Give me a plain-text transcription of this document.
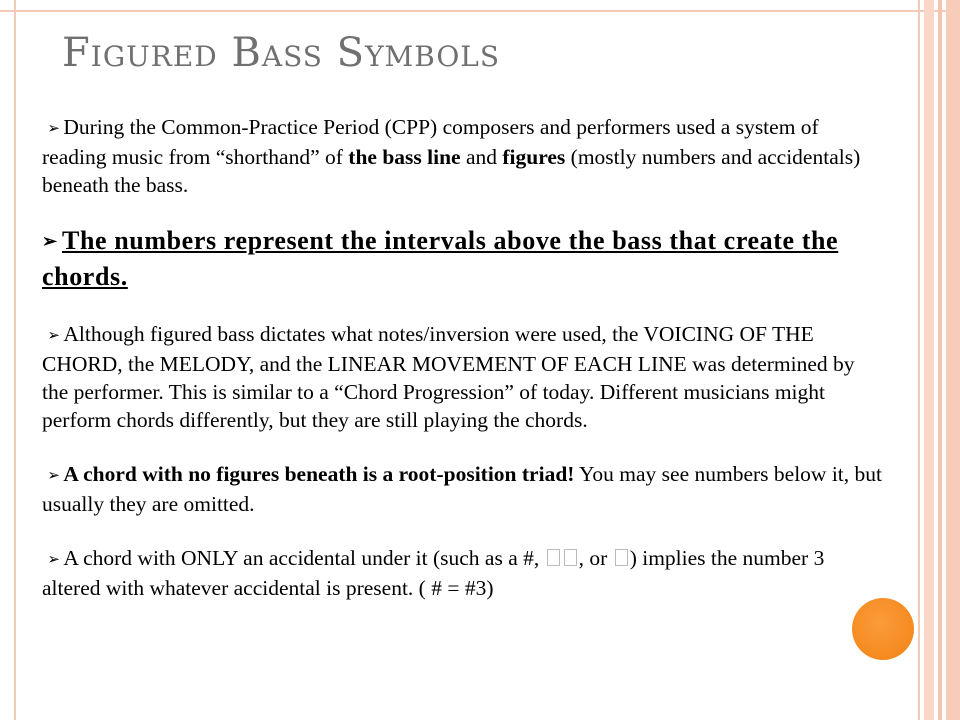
Figured Bass Symbols

➢ During the Common-Practice Period (CPP) composers and performers used a system of reading music from “shorthand” of the bass line and figures (mostly numbers and accidentals) beneath the bass.

➢ The numbers represent the intervals above the bass that create the chords.

➢ Although figured bass dictates what notes/inversion were used, the VOICING OF THE CHORD, the MELODY, and the LINEAR MOVEMENT OF EACH LINE was determined by the performer. This is similar to a “Chord Progression” of today. Different musicians might perform chords differently, but they are still playing the chords.

➢ A chord with no figures beneath is a root-position triad! You may see numbers below it, but usually they are omitted.

➢ A chord with ONLY an accidental under it (such as a #, , or ) implies the number 3 altered with whatever accidental is present. ( # = #3)
